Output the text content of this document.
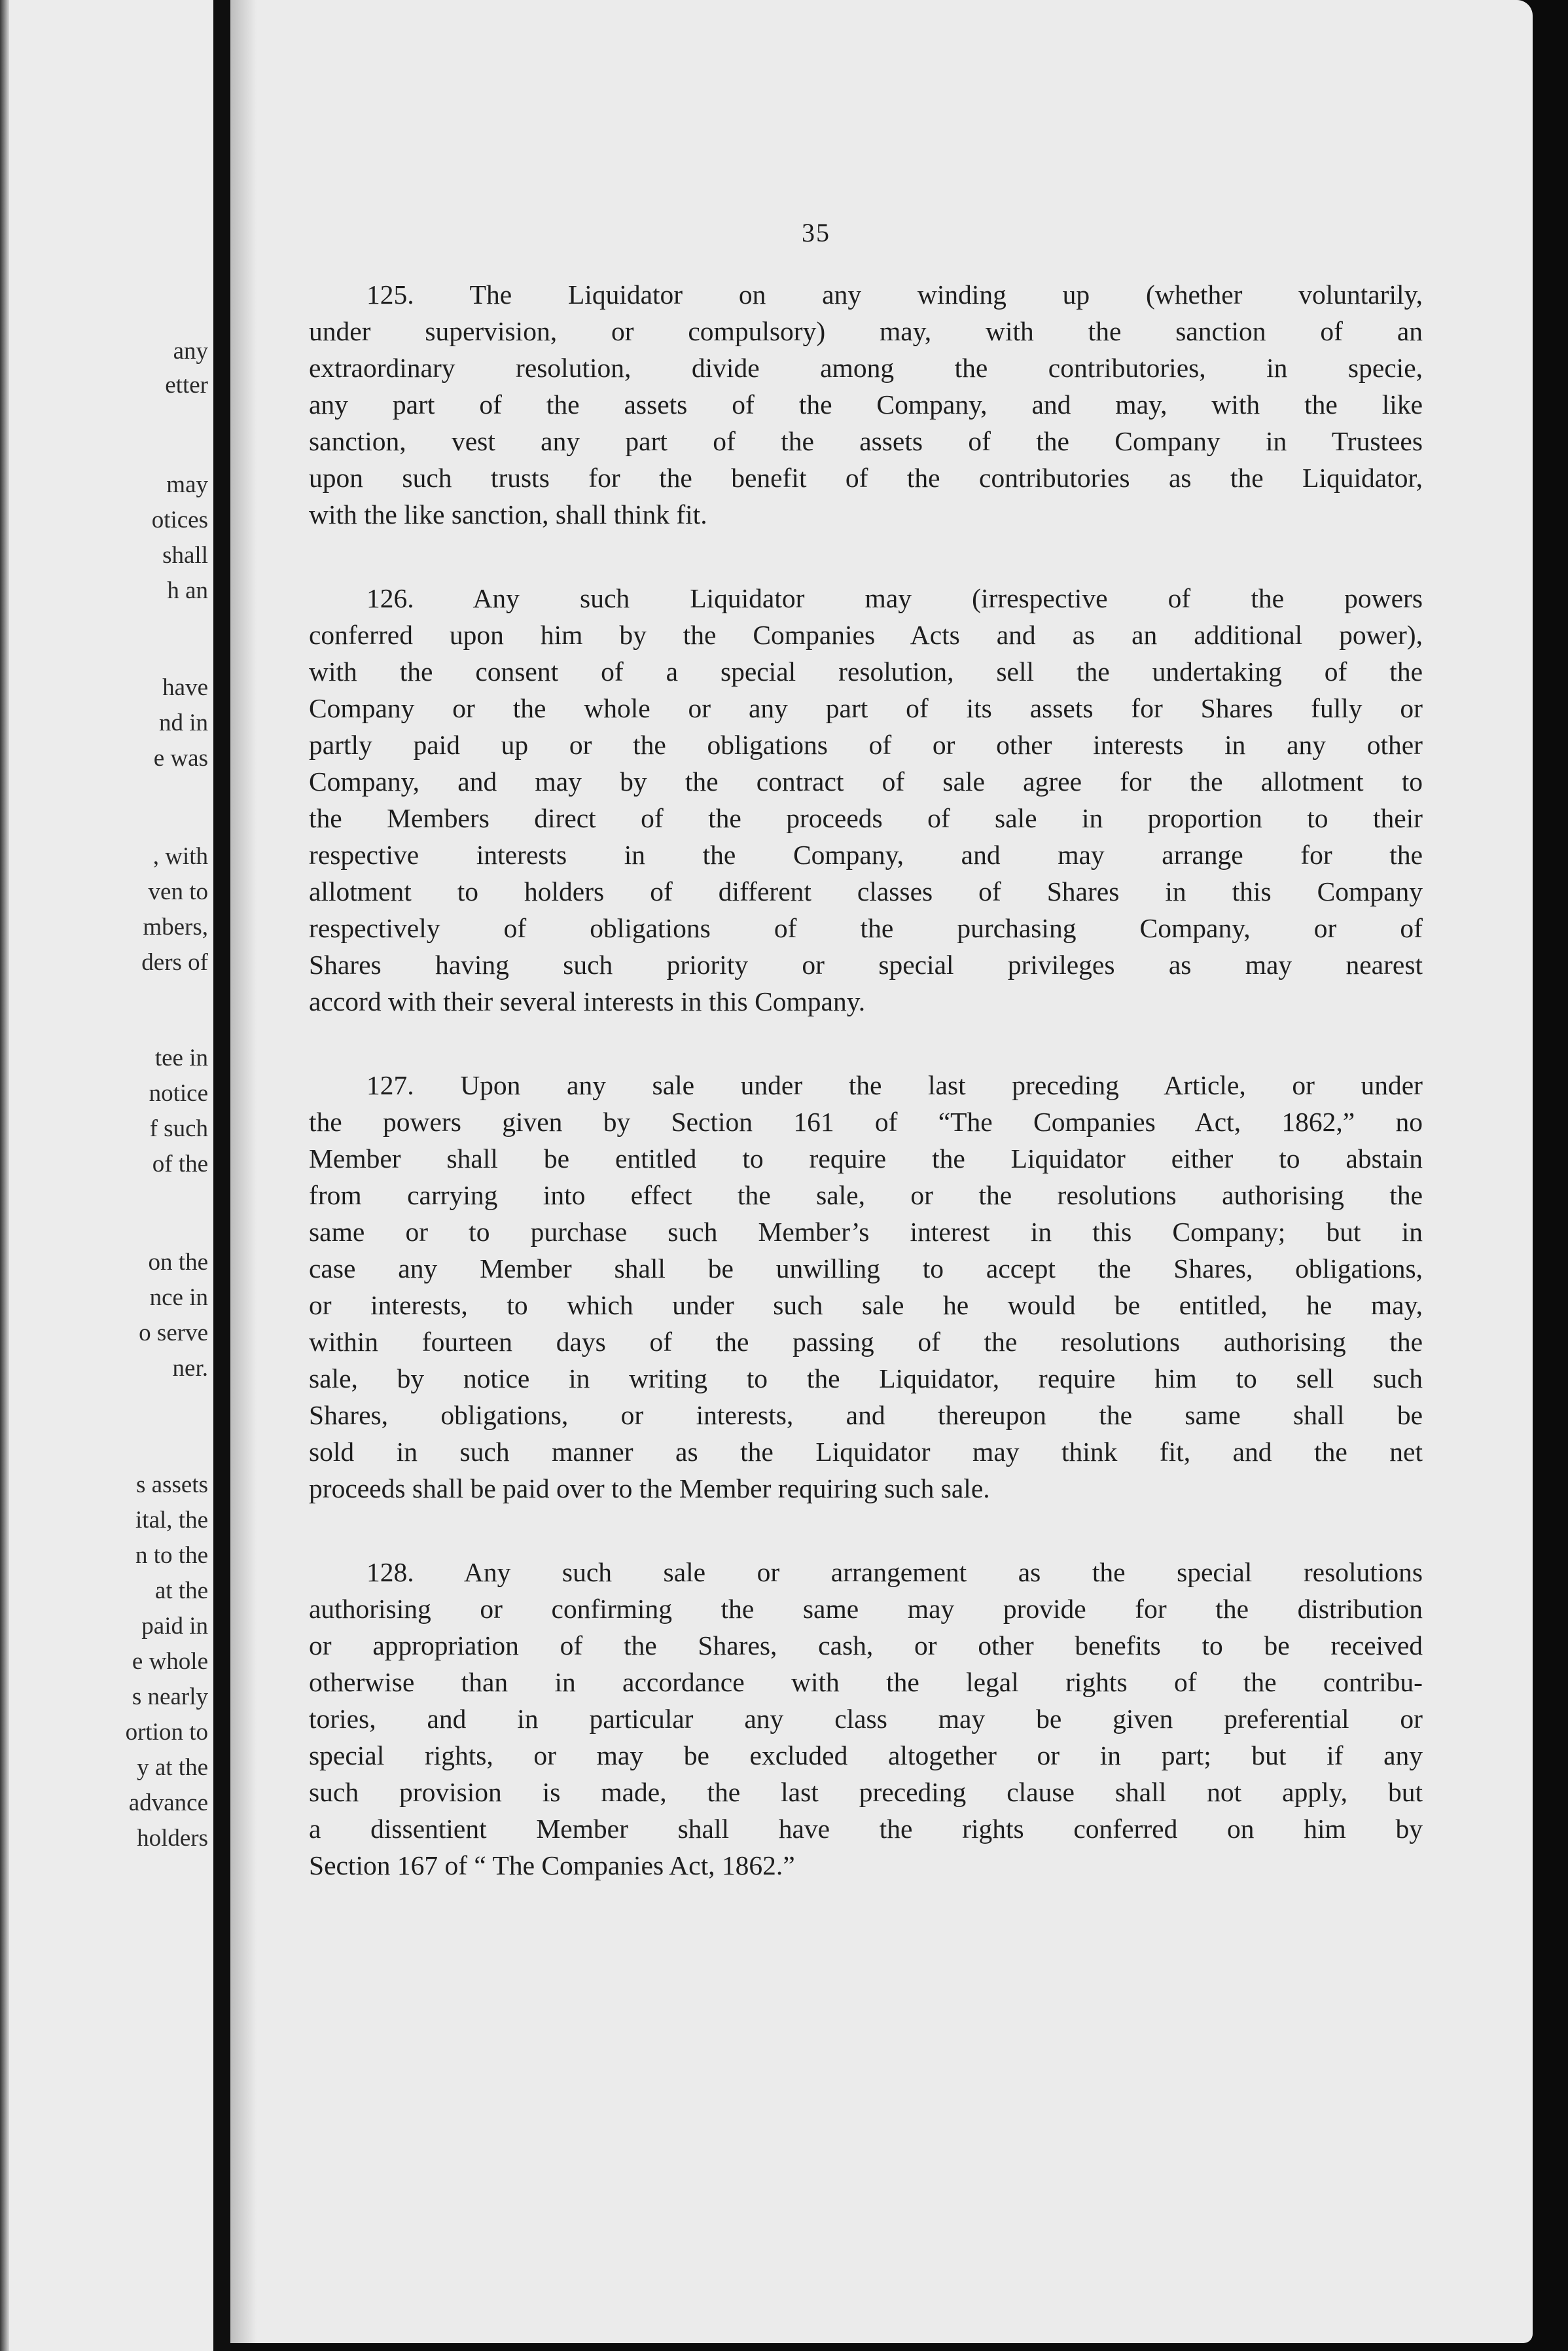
any
etter
may
otices
shall
h an
have
nd in
e was
, with
ven to
mbers,
ders of
tee in
notice
f such
of the
on the
nce in
o serve
ner.
s assets
ital, the
n to the
at the
paid in
e whole
s nearly
ortion to
y at the
advance
holders
35
125. The Liquidator on any winding up (whether voluntarily,
under supervision, or compulsory) may, with the sanction of an
extraordinary resolution, divide among the contributories, in specie,
any part of the assets of the Company, and may, with the like
sanction, vest any part of the assets of the Company in Trustees
upon such trusts for the benefit of the contributories as the Liquidator,
with the like sanction, shall think fit.
126. Any such Liquidator may (irrespective of the powers
conferred upon him by the Companies Acts and as an additional power),
with the consent of a special resolution, sell the undertaking of the
Company or the whole or any part of its assets for Shares fully or
partly paid up or the obligations of or other interests in any other
Company, and may by the contract of sale agree for the allotment to
the Members direct of the proceeds of sale in proportion to their
respective interests in the Company, and may arrange for the
allotment to holders of different classes of Shares in this Company
respectively of obligations of the purchasing Company, or of
Shares having such priority or special privileges as may nearest
accord with their several interests in this Company.
127. Upon any sale under the last preceding Article, or under
the powers given by Section 161 of “The Companies Act, 1862,” no
Member shall be entitled to require the Liquidator either to abstain
from carrying into effect the sale, or the resolutions authorising the
same or to purchase such Member’s interest in this Company; but in
case any Member shall be unwilling to accept the Shares, obligations,
or interests, to which under such sale he would be entitled, he may,
within fourteen days of the passing of the resolutions authorising the
sale, by notice in writing to the Liquidator, require him to sell such
Shares, obligations, or interests, and thereupon the same shall be
sold in such manner as the Liquidator may think fit, and the net
proceeds shall be paid over to the Member requiring such sale.
128. Any such sale or arrangement as the special resolutions
authorising or confirming the same may provide for the distribution
or appropriation of the Shares, cash, or other benefits to be received
otherwise than in accordance with the legal rights of the contribu-
tories, and in particular any class may be given preferential or
special rights, or may be excluded altogether or in part; but if any
such provision is made, the last preceding clause shall not apply, but
a dissentient Member shall have the rights conferred on him by
Section 167 of “ The Companies Act, 1862.”
